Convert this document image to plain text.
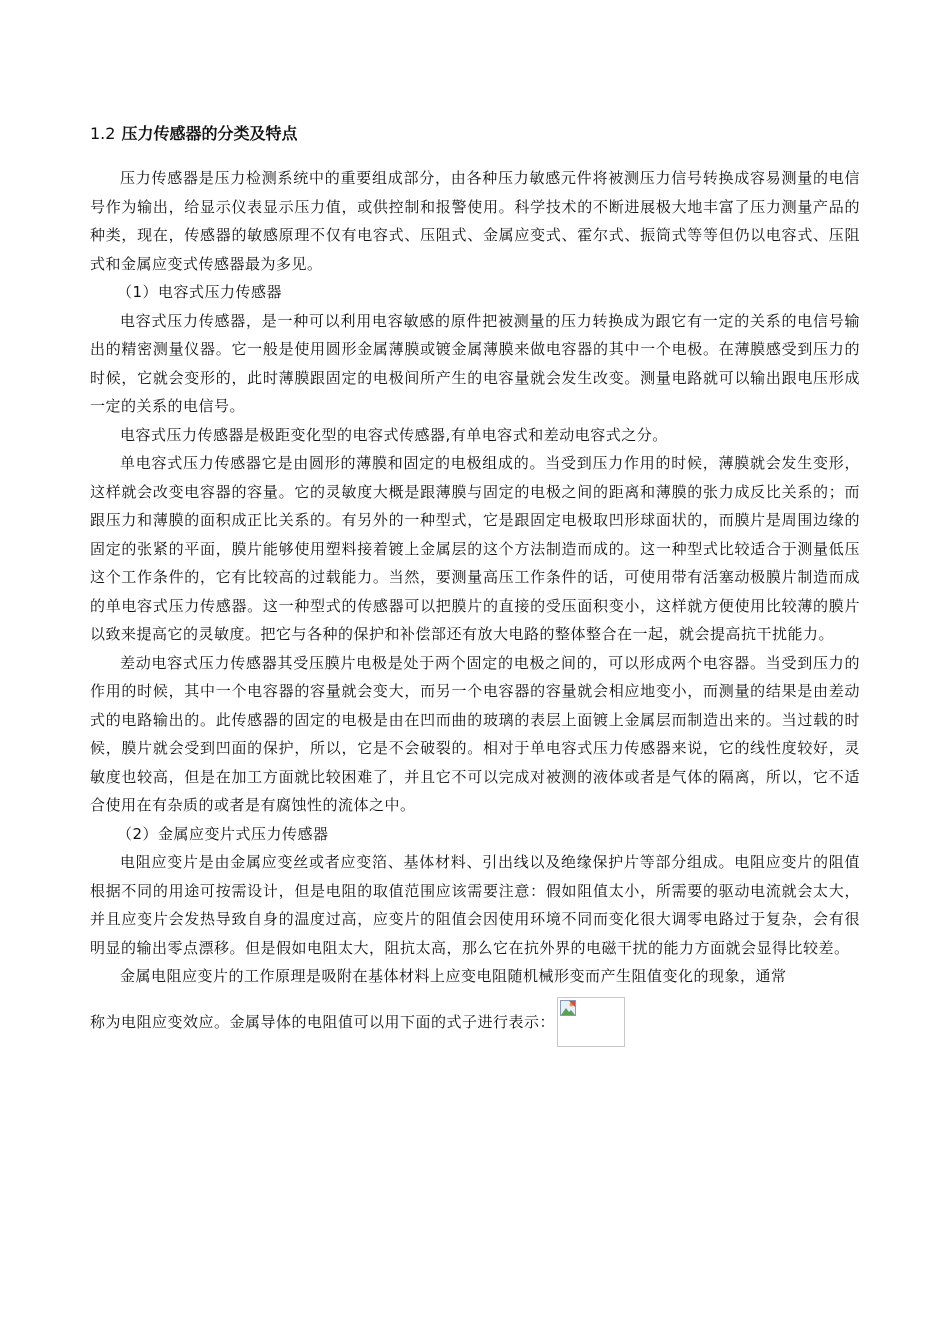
1.2 压力传感器的分类及特点

压力传感器是压力检测系统中的重要组成部分，由各种压力敏感元件将被测压力信号转换成容易测量的电信号作为输出，给显示仪表显示压力值，或供控制和报警使用。科学技术的不断进展极大地丰富了压力测量产品的种类，现在，传感器的敏感原理不仅有电容式、压阻式、金属应变式、霍尔式、振筒式等等但仍以电容式、压阻式和金属应变式传感器最为多见。

（1）电容式压力传感器

电容式压力传感器，是一种可以利用电容敏感的原件把被测量的压力转换成为跟它有一定的关系的电信号输出的精密测量仪器。它一般是使用圆形金属薄膜或镀金属薄膜来做电容器的其中一个电极。在薄膜感受到压力的时候，它就会变形的，此时薄膜跟固定的电极间所产生的电容量就会发生改变。测量电路就可以输出跟电压形成一定的关系的电信号。

电容式压力传感器是极距变化型的电容式传感器,有单电容式和差动电容式之分。

单电容式压力传感器它是由圆形的薄膜和固定的电极组成的。当受到压力作用的时候，薄膜就会发生变形，这样就会改变电容器的容量。它的灵敏度大概是跟薄膜与固定的电极之间的距离和薄膜的张力成反比关系的；而跟压力和薄膜的面积成正比关系的。有另外的一种型式，它是跟固定电极取凹形球面状的，而膜片是周围边缘的固定的张紧的平面，膜片能够使用塑料接着镀上金属层的这个方法制造而成的。这一种型式比较适合于测量低压这个工作条件的，它有比较高的过载能力。当然，要测量高压工作条件的话，可使用带有活塞动极膜片制造而成的单电容式压力传感器。这一种型式的传感器可以把膜片的直接的受压面积变小，这样就方便使用比较薄的膜片以致来提高它的灵敏度。把它与各种的保护和补偿部还有放大电路的整体整合在一起，就会提高抗干扰能力。

差动电容式压力传感器其受压膜片电极是处于两个固定的电极之间的，可以形成两个电容器。当受到压力的作用的时候，其中一个电容器的容量就会变大，而另一个电容器的容量就会相应地变小，而测量的结果是由差动式的电路输出的。此传感器的固定的电极是由在凹而曲的玻璃的表层上面镀上金属层而制造出来的。当过载的时候，膜片就会受到凹面的保护，所以，它是不会破裂的。相对于单电容式压力传感器来说，它的线性度较好，灵敏度也较高，但是在加工方面就比较困难了，并且它不可以完成对被测的液体或者是气体的隔离，所以，它不适合使用在有杂质的或者是有腐蚀性的流体之中。

（2）金属应变片式压力传感器

电阻应变片是由金属应变丝或者应变箔、基体材料、引出线以及绝缘保护片等部分组成。电阻应变片的阻值根据不同的用途可按需设计，但是电阻的取值范围应该需要注意：假如阻值太小，所需要的驱动电流就会太大，并且应变片会发热导致自身的温度过高，应变片的阻值会因使用环境不同而变化很大调零电路过于复杂，会有很明显的输出零点漂移。但是假如电阻太大，阻抗太高，那么它在抗外界的电磁干扰的能力方面就会显得比较差。

金属电阻应变片的工作原理是吸附在基体材料上应变电阻随机械形变而产生阻值变化的现象，通常

称为电阻应变效应。金属导体的电阻值可以用下面的式子进行表示：
